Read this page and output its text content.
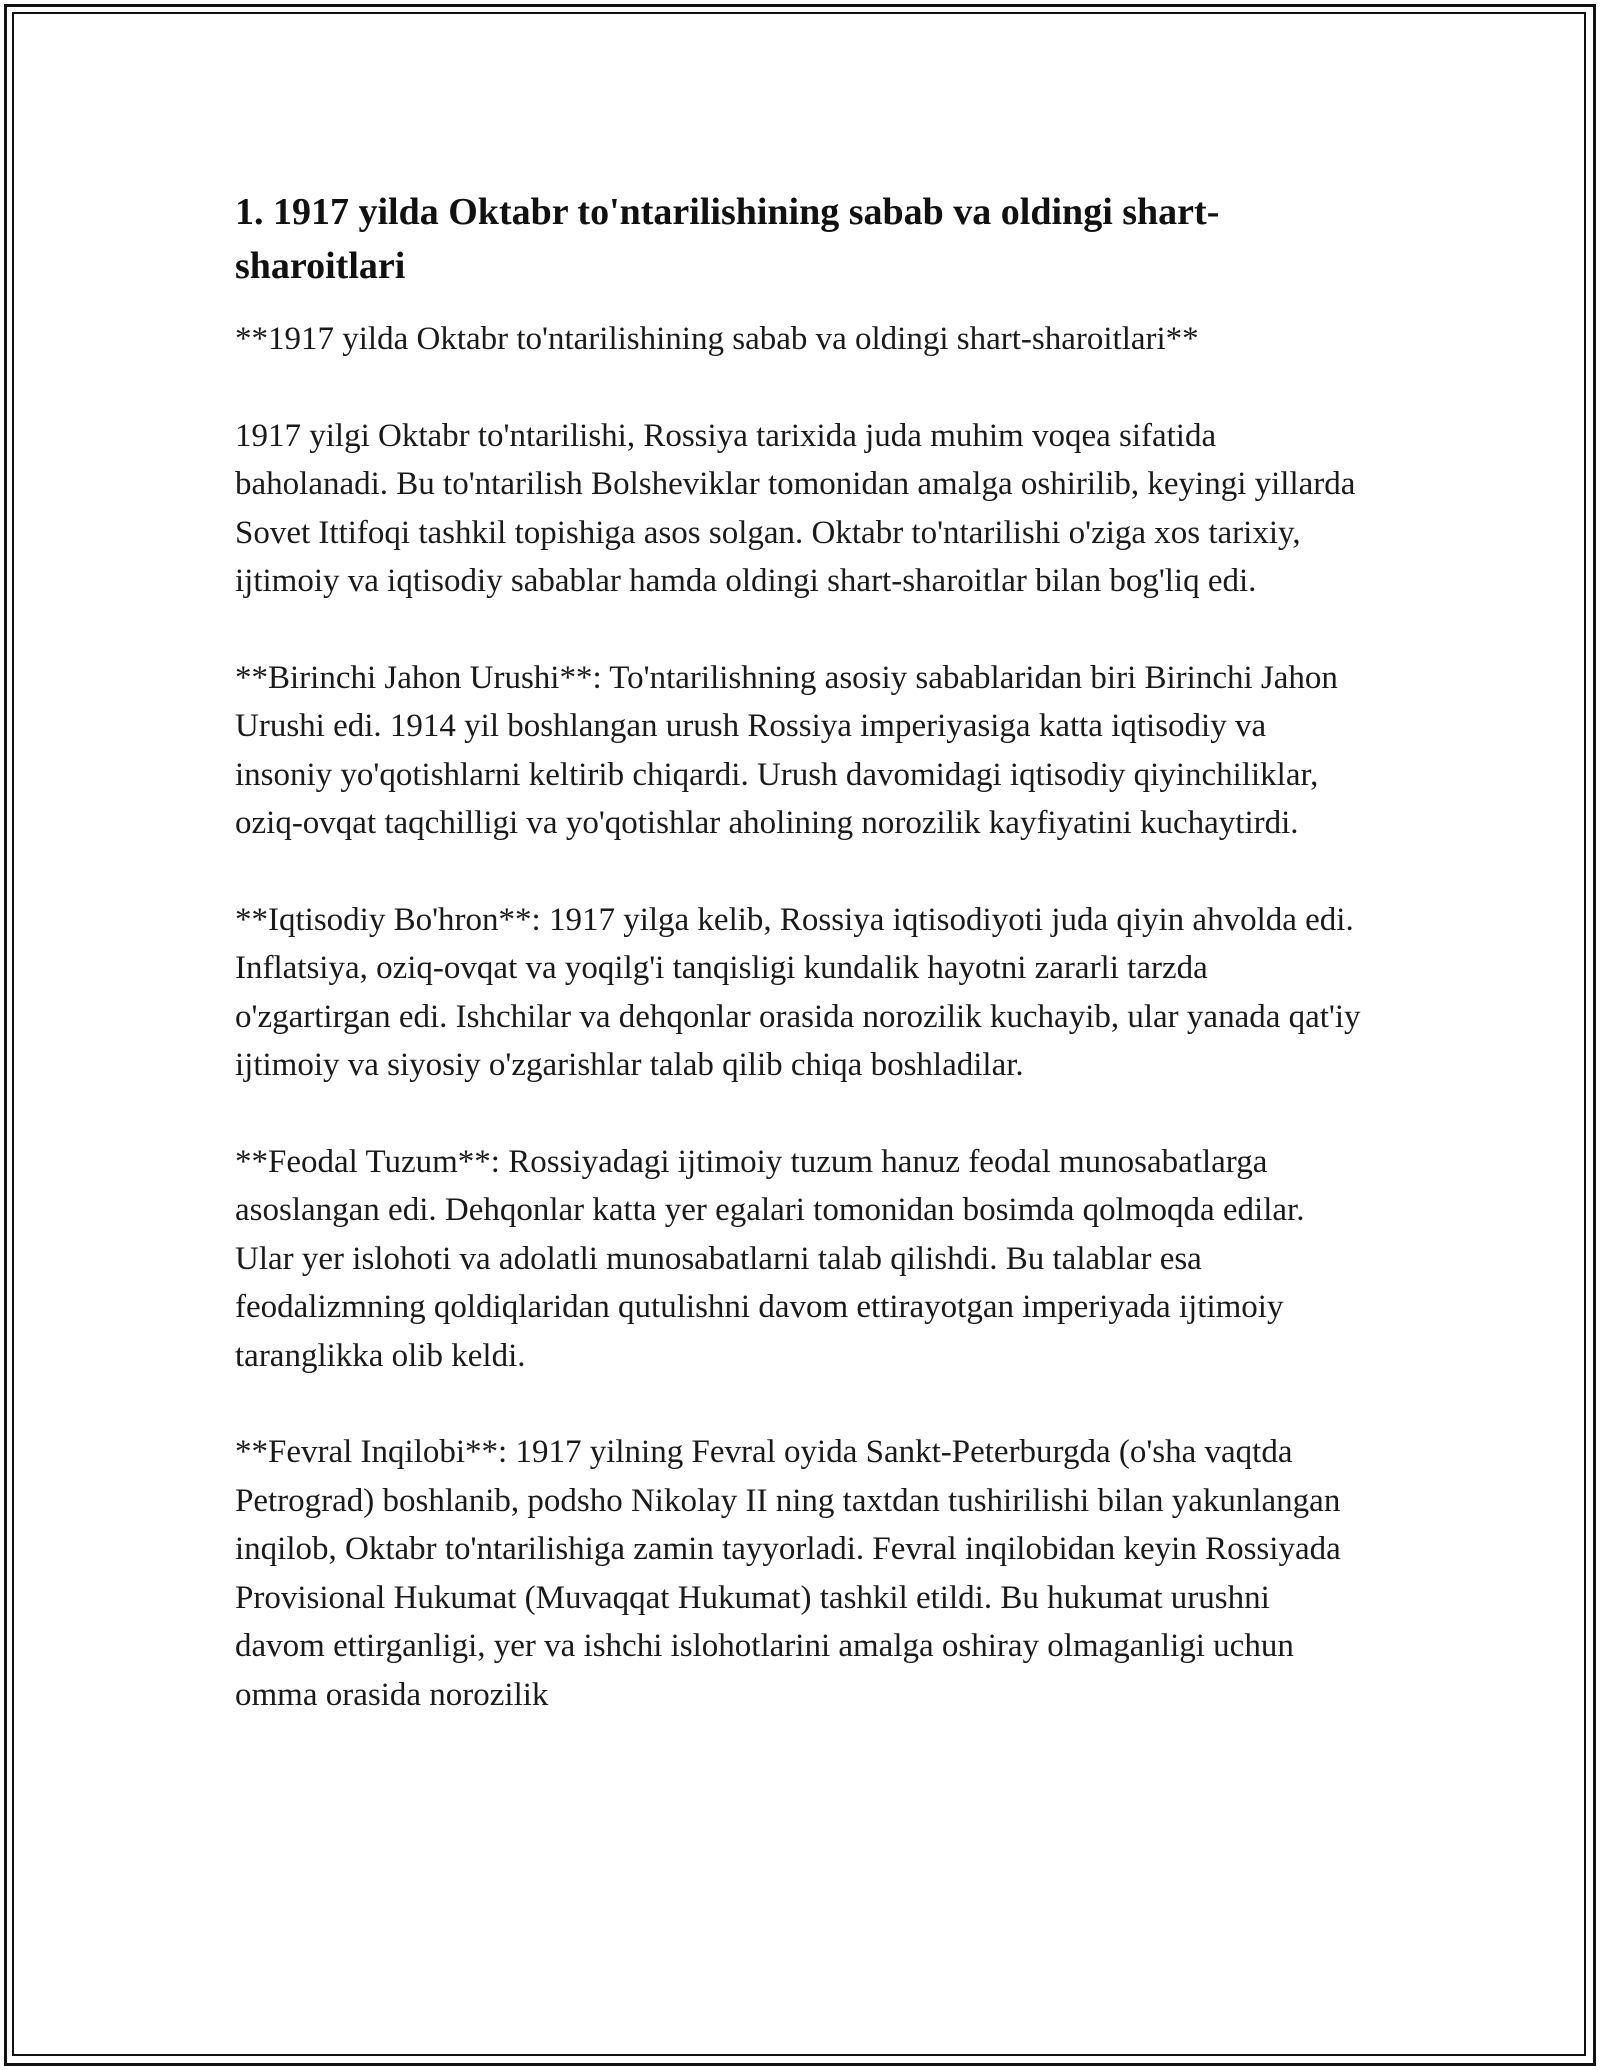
1. 1917 yilda Oktabr to'ntarilishining sabab va oldingi shart-sharoitlari

**1917 yilda Oktabr to'ntarilishining sabab va oldingi shart-sharoitlari**

1917 yilgi Oktabr to'ntarilishi, Rossiya tarixida juda muhim voqea sifatida baholanadi. Bu to'ntarilish Bolsheviklar tomonidan amalga oshirilib, keyingi yillarda Sovet Ittifoqi tashkil topishiga asos solgan. Oktabr to'ntarilishi o'ziga xos tarixiy, ijtimoiy va iqtisodiy sabablar hamda oldingi shart-sharoitlar bilan bog'liq edi.

**Birinchi Jahon Urushi**: To'ntarilishning asosiy sabablaridan biri Birinchi Jahon Urushi edi. 1914 yil boshlangan urush Rossiya imperiyasiga katta iqtisodiy va insoniy yo'qotishlarni keltirib chiqardi. Urush davomidagi iqtisodiy qiyinchiliklar, oziq-ovqat taqchilligi va yo'qotishlar aholining norozilik kayfiyatini kuchaytirdi.

**Iqtisodiy Bo'hron**: 1917 yilga kelib, Rossiya iqtisodiyoti juda qiyin ahvolda edi. Inflatsiya, oziq-ovqat va yoqilg'i tanqisligi kundalik hayotni zararli tarzda o'zgartirgan edi. Ishchilar va dehqonlar orasida norozilik kuchayib, ular yanada qat'iy ijtimoiy va siyosiy o'zgarishlar talab qilib chiqa boshladilar.

**Feodal Tuzum**: Rossiyadagi ijtimoiy tuzum hanuz feodal munosabatlarga asoslangan edi. Dehqonlar katta yer egalari tomonidan bosimda qolmoqda edilar. Ular yer islohoti va adolatli munosabatlarni talab qilishdi. Bu talablar esa feodalizmning qoldiqlaridan qutulishni davom ettirayotgan imperiyada ijtimoiy taranglikka olib keldi.

**Fevral Inqilobi**: 1917 yilning Fevral oyida Sankt-Peterburgda (o'sha vaqtda Petrograd) boshlanib, podsho Nikolay II ning taxtdan tushirilishi bilan yakunlangan inqilob, Oktabr to'ntarilishiga zamin tayyorladi. Fevral inqilobidan keyin Rossiyada Provisional Hukumat (Muvaqqat Hukumat) tashkil etildi. Bu hukumat urushni davom ettirganligi, yer va ishchi islohotlarini amalga oshiray olmaganligi uchun omma orasida norozilik
